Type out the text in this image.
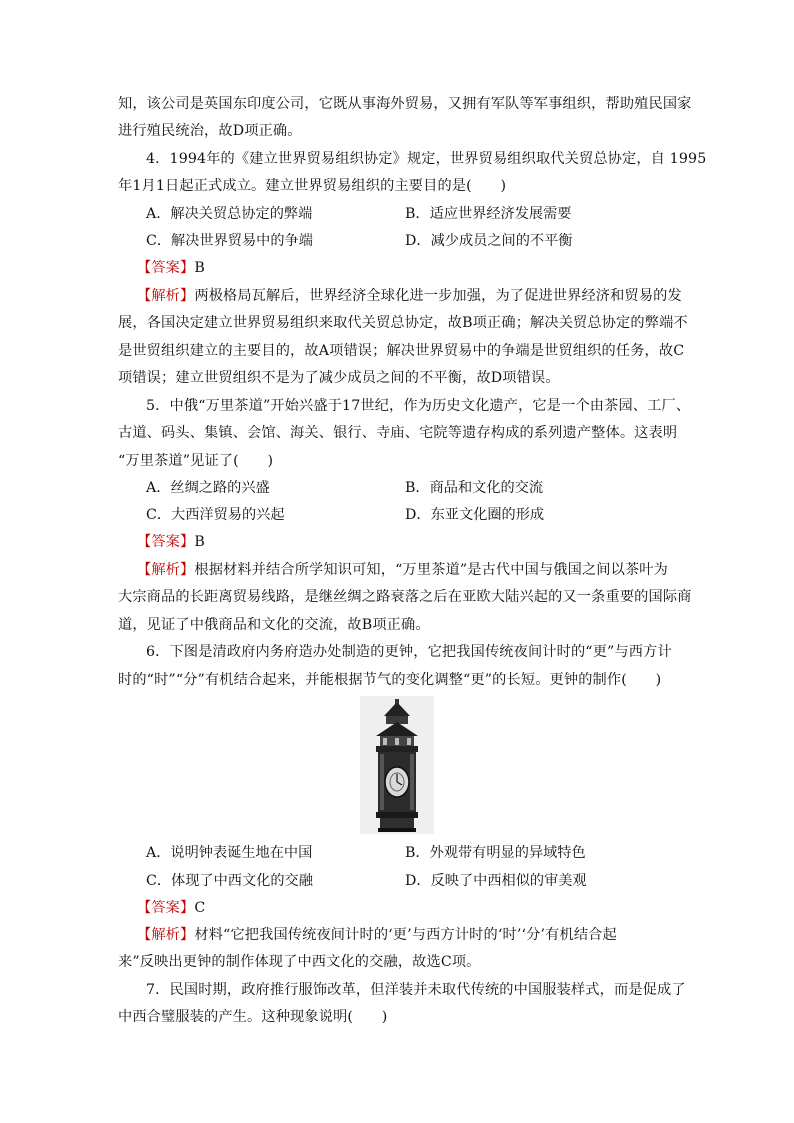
知，该公司是英国东印度公司，它既从事海外贸易，又拥有军队等军事组织，帮助殖民国家
进行殖民统治，故D项正确。
4．1994年的《建立世界贸易组织协定》规定，世界贸易组织取代关贸总协定，自 1995
年1月1日起正式成立。建立世界贸易组织的主要目的是(　　)
A．解决关贸总协定的弊端	B．适应世界经济发展需要
C．解决世界贸易中的争端	D．减少成员之间的不平衡
【答案】B
【解析】两极格局瓦解后，世界经济全球化进一步加强，为了促进世界经济和贸易的发
展，各国决定建立世界贸易组织来取代关贸总协定，故B项正确；解决关贸总协定的弊端不
是世贸组织建立的主要目的，故A项错误；解决世界贸易中的争端是世贸组织的任务，故C
项错误；建立世贸组织不是为了减少成员之间的不平衡，故D项错误。
5．中俄“万里茶道”开始兴盛于17世纪，作为历史文化遗产，它是一个由茶园、工厂、
古道、码头、集镇、会馆、海关、银行、寺庙、宅院等遗存构成的系列遗产整体。这表明
“万里茶道”见证了(　　)
A．丝绸之路的兴盛	B．商品和文化的交流
C．大西洋贸易的兴起	D．东亚文化圈的形成
【答案】B
【解析】根据材料并结合所学知识可知，“万里茶道”是古代中国与俄国之间以茶叶为
大宗商品的长距离贸易线路，是继丝绸之路衰落之后在亚欧大陆兴起的又一条重要的国际商
道，见证了中俄商品和文化的交流，故B项正确。
6．下图是清政府内务府造办处制造的更钟，它把我国传统夜间计时的“更”与西方计
时的“时”“分”有机结合起来，并能根据节气的变化调整“更”的长短。更钟的制作(　　)
A．说明钟表诞生地在中国	B．外观带有明显的异域特色
C．体现了中西文化的交融	D．反映了中西相似的审美观
【答案】C
【解析】材料“它把我国传统夜间计时的‘更’与西方计时的‘时’‘分’有机结合起
来”反映出更钟的制作体现了中西文化的交融，故选C项。
7．民国时期，政府推行服饰改革，但洋装并未取代传统的中国服装样式，而是促成了
中西合璧服装的产生。这种现象说明(　　)
